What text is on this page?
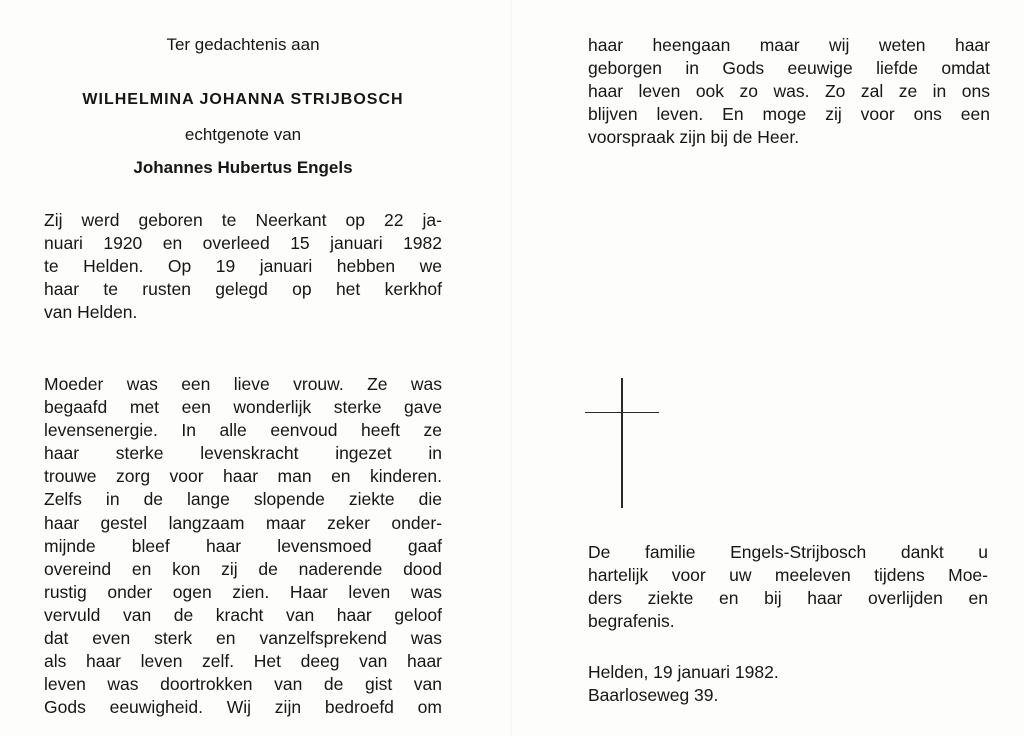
Ter gedachtenis aan
WILHELMINA JOHANNA STRIJBOSCH
echtgenote van
Johannes Hubertus Engels
Zij werd geboren te Neerkant op 22 ja-
nuari 1920 en overleed 15 januari 1982
te Helden. Op 19 januari hebben we
haar te rusten gelegd op het kerkhof
van Helden.
Moeder was een lieve vrouw. Ze was
begaafd met een wonderlijk sterke gave
levensenergie. In alle eenvoud heeft ze
haar sterke levenskracht ingezet in
trouwe zorg voor haar man en kinderen.
Zelfs in de lange slopende ziekte die
haar gestel langzaam maar zeker onder-
mijnde bleef haar levensmoed gaaf
overeind en kon zij de naderende dood
rustig onder ogen zien. Haar leven was
vervuld van de kracht van haar geloof
dat even sterk en vanzelfsprekend was
als haar leven zelf. Het deeg van haar
leven was doortrokken van de gist van
Gods eeuwigheid. Wij zijn bedroefd om
haar heengaan maar wij weten haar
geborgen in Gods eeuwige liefde omdat
haar leven ook zo was. Zo zal ze in ons
blijven leven. En moge zij voor ons een
voorspraak zijn bij de Heer.
De familie Engels-Strijbosch dankt u
hartelijk voor uw meeleven tijdens Moe-
ders ziekte en bij haar overlijden en
begrafenis.
Helden, 19 januari 1982.
Baarloseweg 39.
